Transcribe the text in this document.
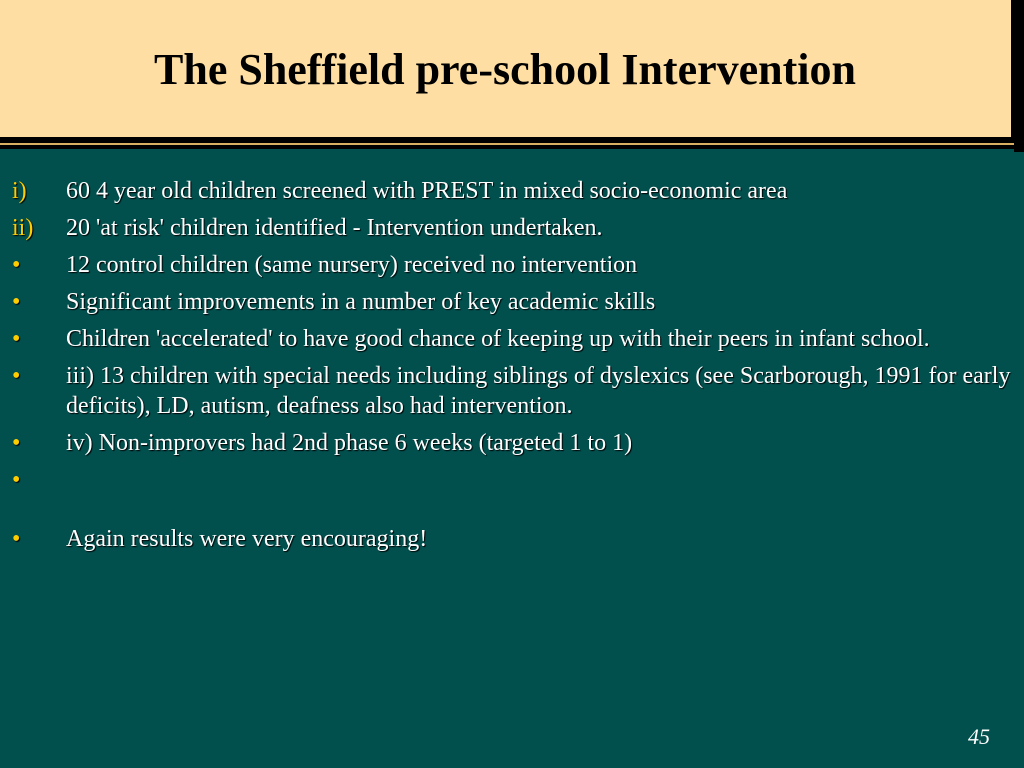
The Sheffield pre-school Intervention
i)	60 4 year old children screened with PREST in mixed socio-economic area
ii)	20 'at risk' children identified - Intervention undertaken.
•	12 control children (same nursery) received no intervention
•	Significant improvements in a number of key academic skills
•	Children 'accelerated' to have good chance of keeping up with their peers in infant school.
•	iii) 13 children with special needs including siblings of dyslexics (see Scarborough, 1991 for early deficits), LD, autism, deafness also had intervention.
•	iv) Non-improvers had 2nd phase 6 weeks (targeted 1 to 1)
•
•	Again results were very encouraging!
45
